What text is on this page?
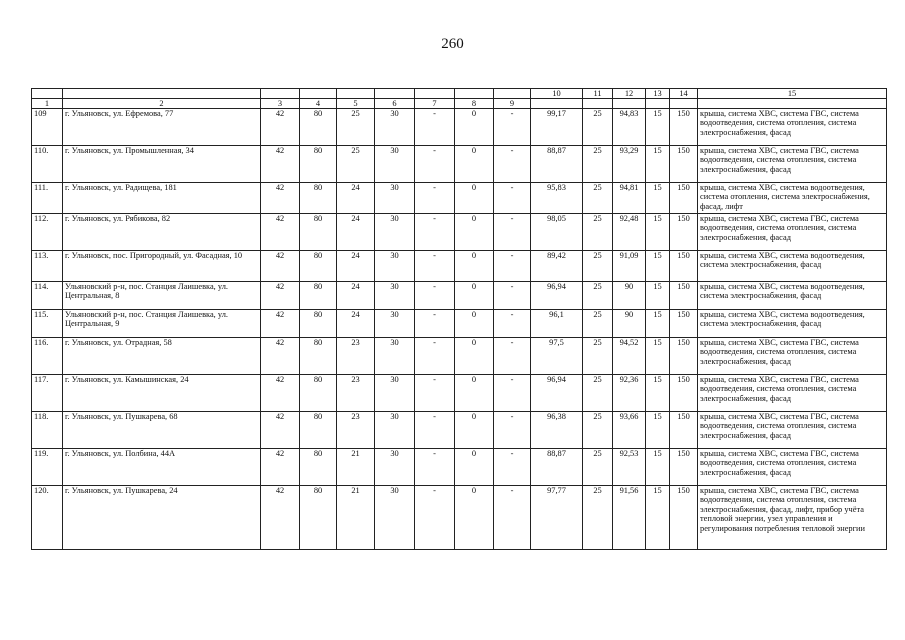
260
									10	11	12	13	14	15
1	2	3	4	5	6	7	8	9						
109	г. Ульяновск, ул. Ефремова, 77	42	80	25	30	-	0	-	99,17	25	94,83	15	150	крыша, система ХВС, система ГВС, система водоотведения, система отопления, система электроснабжения, фасад
110.	г. Ульяновск, ул. Промышленная, 34	42	80	25	30	-	0	-	88,87	25	93,29	15	150	крыша, система ХВС, система ГВС, система водоотведения, система отопления, система электроснабжения, фасад
111.	г. Ульяновск, ул. Радищева, 181	42	80	24	30	-	0	-	95,83	25	94,81	15	150	крыша, система ХВС, система водоотведения, система отопления, система электроснабжения, фасад, лифт
112.	г. Ульяновск, ул. Рябикова, 82	42	80	24	30	-	0	-	98,05	25	92,48	15	150	крыша, система ХВС, система ГВС, система водоотведения, система отопления, система электроснабжения, фасад
113.	г. Ульяновск, пос. Пригородный, ул. Фасадная, 10	42	80	24	30	-	0	-	89,42	25	91,09	15	150	крыша, система ХВС, система водоотведения, система электроснабжения, фасад
114.	Ульяновский р-н, пос. Станция Лаишевка, ул. Центральная, 8	42	80	24	30	-	0	-	96,94	25	90	15	150	крыша, система ХВС, система водоотведения, система электроснабжения, фасад
115.	Ульяновский р-н, пос. Станция Лаишевка, ул. Центральная, 9	42	80	24	30	-	0	-	96,1	25	90	15	150	крыша, система ХВС, система водоотведения, система электроснабжения, фасад
116.	г. Ульяновск, ул. Отрадная, 58	42	80	23	30	-	0	-	97,5	25	94,52	15	150	крыша, система ХВС, система ГВС, система водоотведения, система отопления, система электроснабжения, фасад
117.	г. Ульяновск, ул. Камышинская, 24	42	80	23	30	-	0	-	96,94	25	92,36	15	150	крыша, система ХВС, система ГВС, система водоотведения, система отопления, система электроснабжения, фасад
118.	г. Ульяновск, ул. Пушкарева, 68	42	80	23	30	-	0	-	96,38	25	93,66	15	150	крыша, система ХВС, система ГВС, система водоотведения, система отопления, система электроснабжения, фасад
119.	г. Ульяновск, ул. Полбина, 44А	42	80	21	30	-	0	-	88,87	25	92,53	15	150	крыша, система ХВС, система ГВС, система водоотведения, система отопления, система электроснабжения, фасад
120.	г. Ульяновск, ул. Пушкарева, 24	42	80	21	30	-	0	-	97,77	25	91,56	15	150	крыша, система ХВС, система ГВС, система водоотведения, система отопления, система электроснабжения, фасад, лифт, прибор учёта тепловой энергии, узел управления и регулирования потребления тепловой энергии
